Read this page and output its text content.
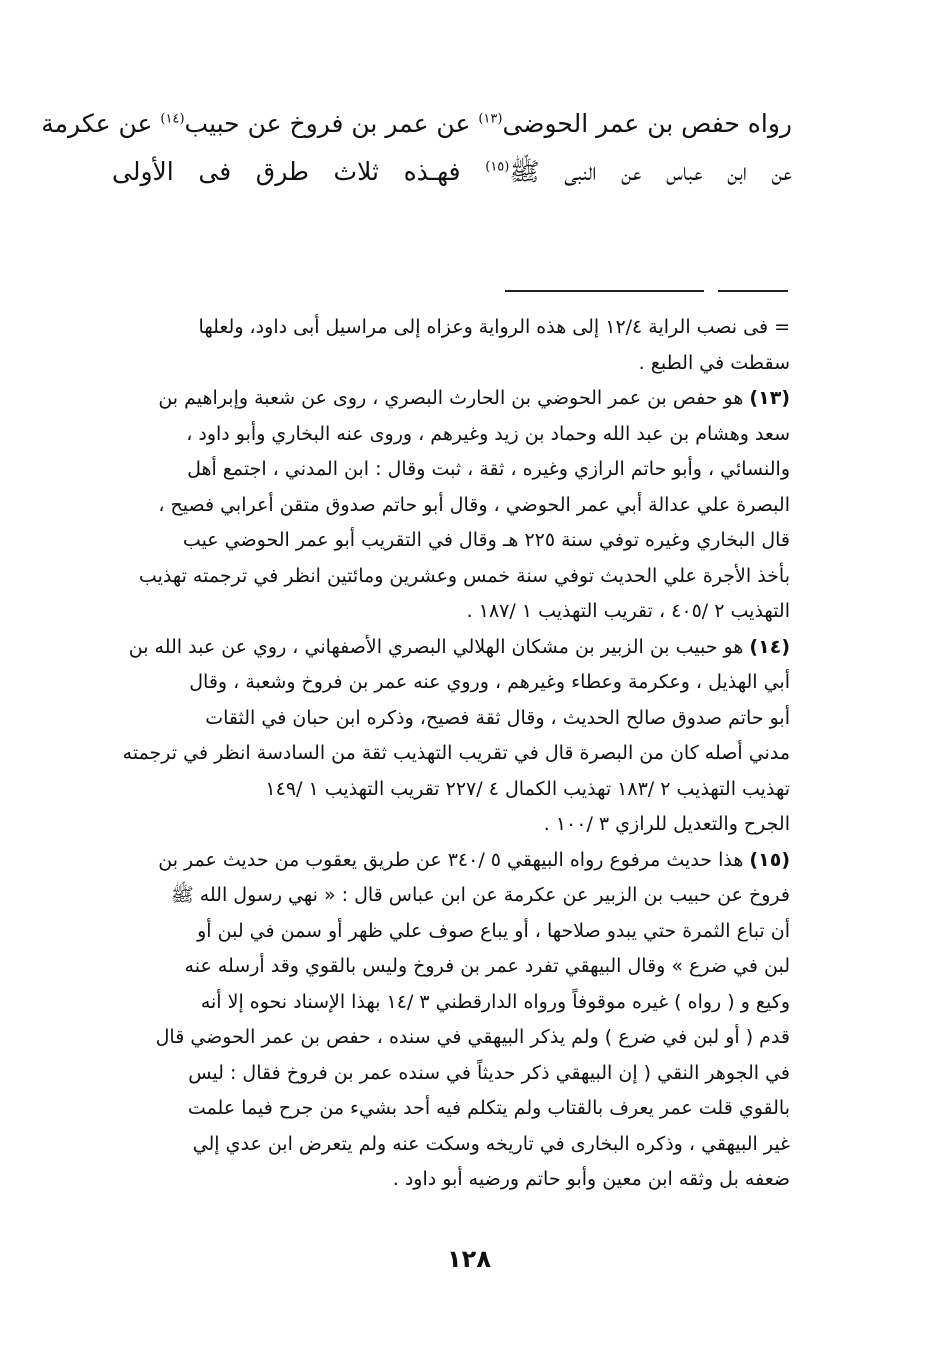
رواه حفص بن عمر الحوضى$^{(١٣)}$ عن عمر بن فروخ عن حبيب$^{(١٤)}$ عن عكرمة
عن ابن عباس عن النبى ﷺ$^{(١٥)}$ فهـذه ثلاث طرق فى الأولى
= فى نصب الراية ١٢/٤ إلى هذه الرواية وعزاه إلى مراسيل أبى داود، ولعلها
سقطت في الطبع .
(١٣) هو حفص بن عمر الحوضي بن الحارث البصري ، روى عن شعبة وإبراهيم بن
سعد وهشام بن عبد الله وحماد بن زيد وغيرهم ، وروى عنه البخاري وأبو داود ،
والنسائي ، وأبو حاتم الرازي وغيره ، ثقة ، ثبت وقال : ابن المدني ، اجتمع أهل
البصرة علي عدالة أبي عمر الحوضي ، وقال أبو حاتم صدوق متقن أعرابي فصيح ،
قال البخاري وغيره توفي سنة ٢٢٥ هـ وقال في التقريب أبو عمر الحوضي عيب
بأخذ الأجرة علي الحديث توفي سنة خمس وعشرين ومائتين انظر في ترجمته تهذيب
التهذيب ٢ /٤٠٥ ، تقريب التهذيب ١ /١٨٧ .
(١٤) هو حبيب بن الزبير بن مشكان الهلالي البصري الأصفهاني ، روي عن عبد الله بن
أبي الهذيل ، وعكرمة وعطاء وغيرهم ، وروي عنه عمر بن فروخ وشعبة ، وقال
أبو حاتم صدوق صالح الحديث ، وقال ثقة فصيح، وذكره ابن حبان في الثقات
مدني أصله كان من البصرة قال في تقريب التهذيب ثقة من السادسة انظر في ترجمته
تهذيب التهذيب ٢ /١٨٣ تهذيب الكمال ٤ /٢٢٧ تقريب التهذيب ١ /١٤٩
الجرح والتعديل للرازي ٣ /١٠٠ .
(١٥) هذا حديث مرفوع رواه البيهقي ٥ /٣٤٠ عن طريق يعقوب من حديث عمر بن
فروخ عن حبيب بن الزبير عن عكرمة عن ابن عباس قال : « نهي رسول الله ﷺ
أن تباع الثمرة حتي يبدو صلاحها ، أو يباع صوف علي ظهر أو سمن في لبن أو
لبن في ضرع » وقال البيهقي تفرد عمر بن فروخ وليس بالقوي وقد أرسله عنه
وكيع و ( رواه ) غيره موقوفاً ورواه الدارقطني ٣ /١٤ بهذا الإسناد نحوه إلا أنه
قدم ( أو لبن في ضرع ) ولم يذكر البيهقي في سنده ، حفص بن عمر الحوضي قال
في الجوهر النقي ( إن البيهقي ذكر حديثاً في سنده عمر بن فروخ فقال : ليس
بالقوي قلت عمر يعرف بالقتاب ولم يتكلم فيه أحد بشيء من جرح فيما علمت
غير البيهقي ، وذكره البخارى في تاريخه وسكت عنه ولم يتعرض ابن عدي إلي
ضعفه بل وثقه ابن معين وأبو حاتم ورضيه أبو داود .
١٢٨
